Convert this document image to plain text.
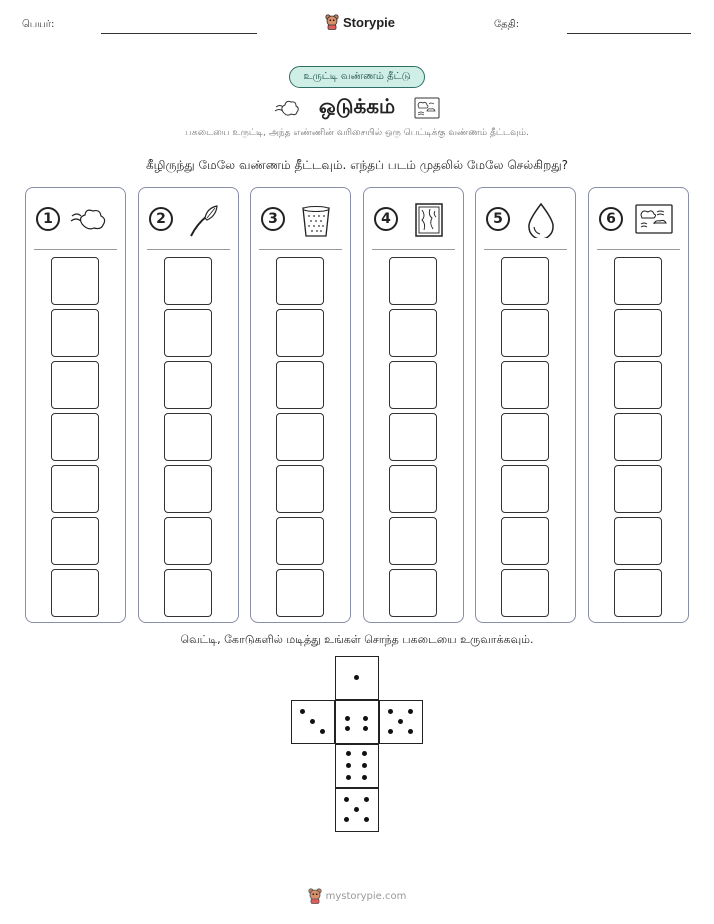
பெயர்:	Storypie	தேதி:
உருட்டி வண்ணம் தீட்டு
ஒடுக்கம்
பகடையை உருட்டி, அந்த எண்ணின் வரிசையில் ஒரு பெட்டிக்கு வண்ணம் தீட்டவும்.
கீழிருந்து மேலே வண்ணம் தீட்டவும். எந்தப் படம் முதலில் மேலே செல்கிறது?
1	2	3	4	5	6
வெட்டி, கோடுகளில் மடித்து உங்கள் சொந்த பகடையை உருவாக்கவும்.
mystorypie.com
